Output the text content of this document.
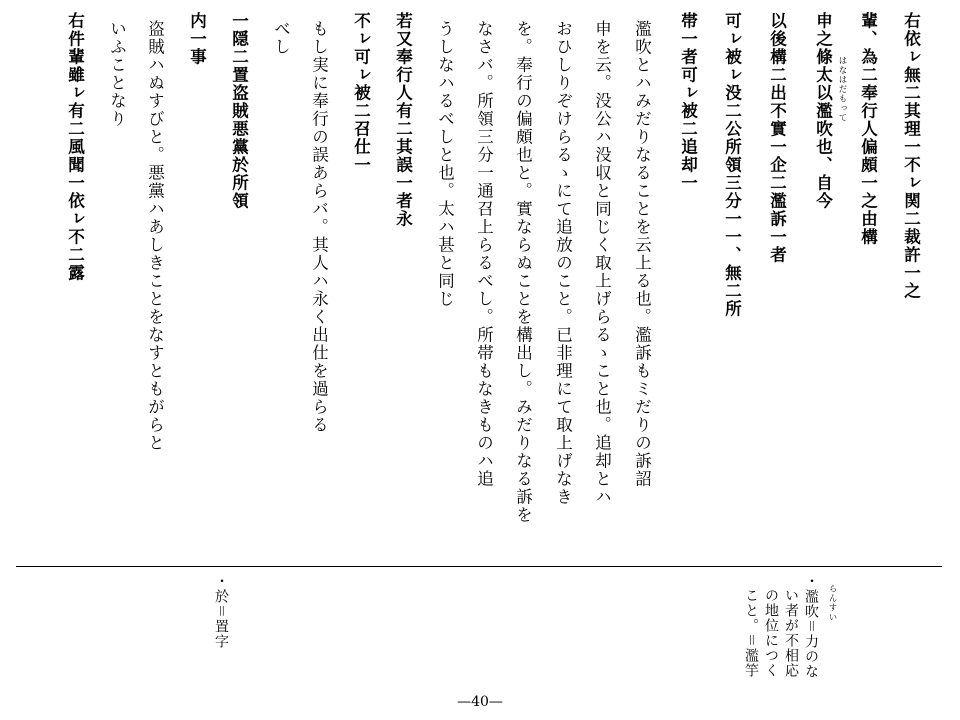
右依ㇾ無二其理一不ㇾ関二裁許一之
輩、為二奉行人偏頗一之由構
申之條太以濫吹也、自今
以後構二出不實一企二濫訴一者
可ㇾ被ㇾ没二公所領三分一一、無二所
帯一者可ㇾ被二追却一
濫吹とハみだりなることを云上る也。濫訴もミだりの訴詔
申を云。没公ハ没収と同じく取上げらるゝこと也。追却とハ
おひしりぞけらるゝにて追放のこと。已非理にて取上げなき
を。奉行の偏頗也と。實ならぬことを構出し。みだりなる訴を
なさバ。所領三分一通召上らるべし。所帯もなきものハ追
うしなハるべしと也。太ハ甚と同じ
若又奉行人有二其誤一者永
不ㇾ可ㇾ被二召仕一
もし実に奉行の誤あらバ。其人ハ永く出仕を過らる
べし
一隠二置盗賊悪黨於所領
内一事
盗賊ハぬすびと。悪黨ハあしきことをなすともがらと
いふことなり
右件輩雖ㇾ有二風聞一依ㇾ不二露	はなはだもって
らんすい
・濫吹＝力のな
い者が不相応
の地位につく
こと。＝濫竽
・於＝置字
—40—
